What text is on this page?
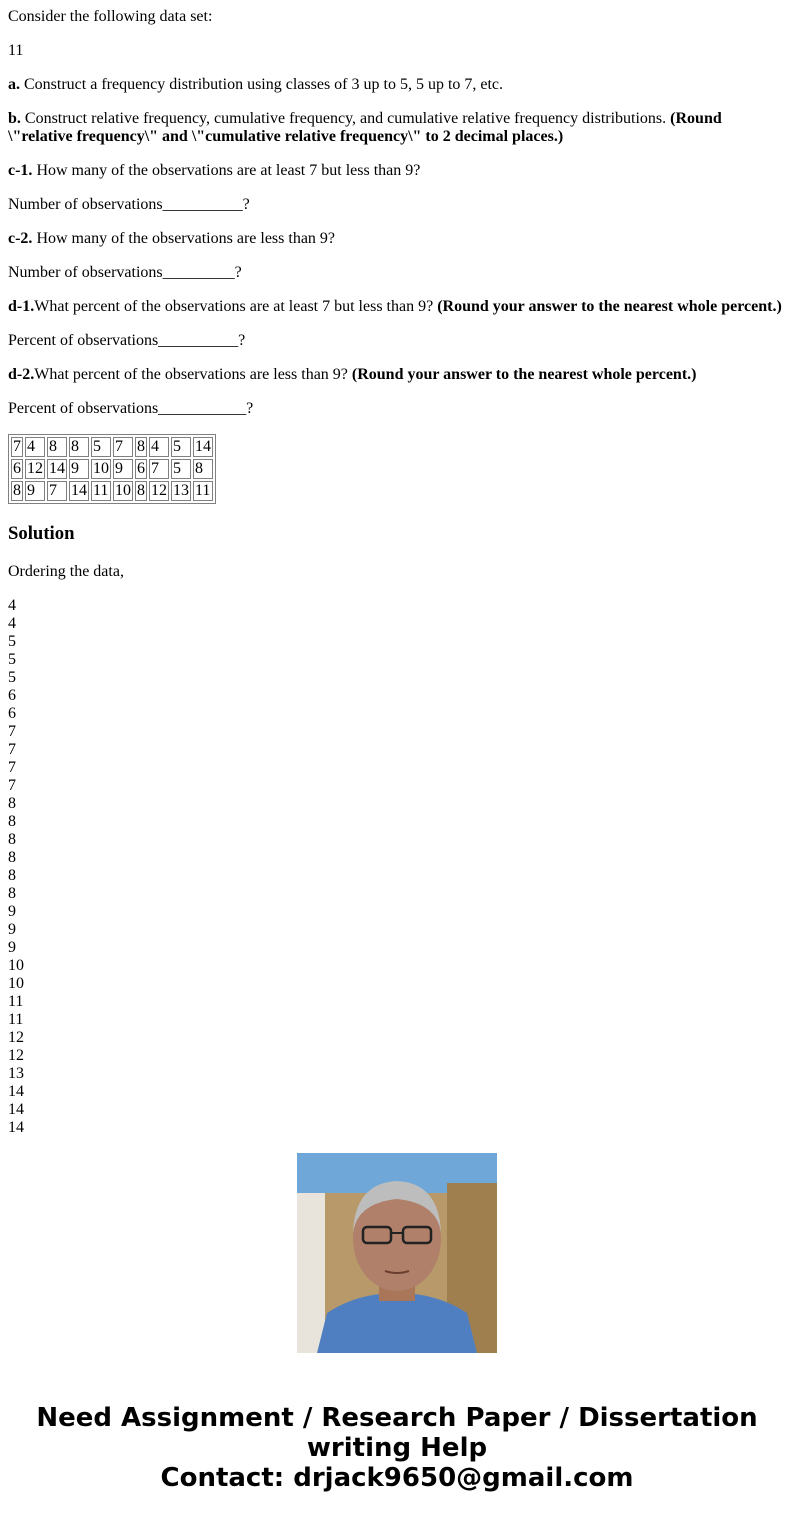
Consider the following data set:

11

a. Construct a frequency distribution using classes of 3 up to 5, 5 up to 7, etc.

b. Construct relative frequency, cumulative frequency, and cumulative relative frequency distributions. (Round \"relative frequency\" and \"cumulative relative frequency\" to 2 decimal places.)

c-1. How many of the observations are at least 7 but less than 9?

Number of observations__________?

c-2. How many of the observations are less than 9?

Number of observations_________?

d-1.What percent of the observations are at least 7 but less than 9? (Round your answer to the nearest whole percent.)

Percent of observations__________?

d-2.What percent of the observations are less than 9? (Round your answer to the nearest whole percent.)

Percent of observations___________?

7	4	8	8	5	7	8	4	5	14
6	12	14	9	10	9	6	7	5	8
8	9	7	14	11	10	8	12	13	11
Solution

Ordering the data,

4
4
5
5
5
6
6
7
7
7
7
8
8
8
8
8
8
9
9
9
10
10
11
11
12
12
13
14
14
14
Need Assignment / Research Paper / Dissertation writing Help
Contact: drjack9650@gmail.com
